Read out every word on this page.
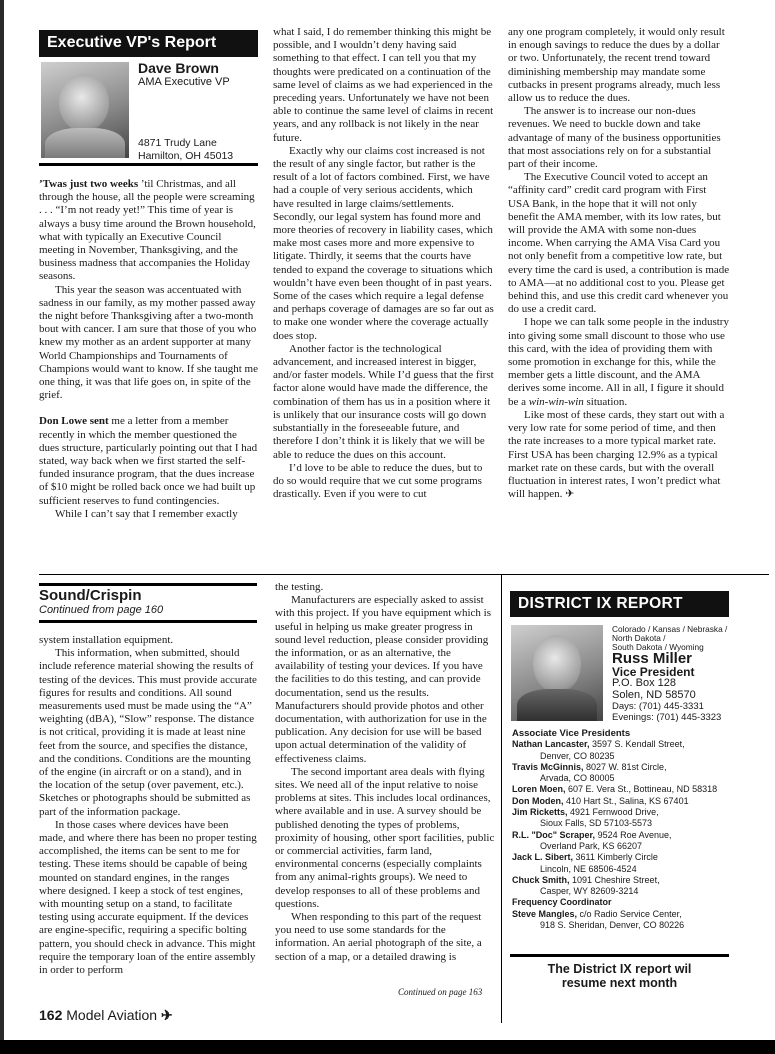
Executive VP's Report
Dave Brown
AMA Executive VP
4871 Trudy Lane
Hamilton, OH 45013

’Twas just two weeks ’til Christmas, and all through the house, all the people were screaming . . . “I’m not ready yet!” This time of year is always a busy time around the Brown household, what with typically an Executive Council meeting in November, Thanksgiving, and the business madness that accompanies the Holiday seasons.

This year the season was accentuated with sadness in our family, as my mother passed away the night before Thanksgiving after a two-month bout with cancer. I am sure that those of you who knew my mother as an ardent supporter at many World Championships and Tournaments of Champions would want to know. If she taught me one thing, it was that life goes on, in spite of the grief.

Don Lowe sent me a letter from a member recently in which the member questioned the dues structure, particularly pointing out that I had stated, way back when we first started the self-funded insurance program, that the dues increase of $10 might be rolled back once we had built up sufficient reserves to fund contingencies.

While I can’t say that I remember exactly

what I said, I do remember thinking this might be possible, and I wouldn’t deny having said something to that effect. I can tell you that my thoughts were predicated on a continuation of the same level of claims as we had experienced in the preceding years. Unfortunately we have not been able to continue the same level of claims in recent years, and any rollback is not likely in the near future.

Exactly why our claims cost increased is not the result of any single factor, but rather is the result of a lot of factors combined. First, we have had a couple of very serious accidents, which have resulted in large claims/settlements. Secondly, our legal system has found more and more theories of recovery in liability cases, which make most cases more and more expensive to litigate. Thirdly, it seems that the courts have tended to expand the coverage to situations which wouldn’t have even been thought of in past years. Some of the cases which require a legal defense and perhaps coverage of damages are so far out as to make one wonder where the coverage actually does stop.

Another factor is the technological advancement, and increased interest in bigger, and/or faster models. While I’d guess that the first factor alone would have made the difference, the combination of them has us in a position where it is unlikely that our insurance costs will go down substantially in the foreseeable future, and therefore I don’t think it is likely that we will be able to reduce the dues on this account.

I’d love to be able to reduce the dues, but to do so would require that we cut some programs drastically. Even if you were to cut

any one program completely, it would only result in enough savings to reduce the dues by a dollar or two. Unfortunately, the recent trend toward diminishing membership may mandate some cutbacks in present programs already, much less allow us to reduce the dues.

The answer is to increase our non-dues revenues. We need to buckle down and take advantage of many of the business opportunities that most associations rely on for a substantial part of their income.

The Executive Council voted to accept an “affinity card” credit card program with First USA Bank, in the hope that it will not only benefit the AMA member, with its low rates, but will provide the AMA with some non-dues income. When carrying the AMA Visa Card you not only benefit from a competitive low rate, but every time the card is used, a contribution is made to AMA—at no additional cost to you. Please get behind this, and use this credit card whenever you do use a credit card.

I hope we can talk some people in the industry into giving some small discount to those who use this card, with the idea of providing them with some promotion in exchange for this, while the member gets a little discount, and the AMA derives some income. All in all, I figure it should be a win-win-win situation.

Like most of these cards, they start out with a very low rate for some period of time, and then the rate increases to a more typical market rate. First USA has been charging 12.9% as a typical market rate on these cards, but with the overall fluctuation in interest rates, I won’t predict what will happen. ✈

Sound/Crispin
Continued from page 160

system installation equipment.

This information, when submitted, should include reference material showing the results of testing of the devices. This must provide accurate figures for results and conditions. All sound measurements used must be made using the “A” weighting (dBA), “Slow” response. The distance is not critical, providing it is made at least nine feet from the source, and specifies the distance, and the conditions. Conditions are the mounting of the engine (in aircraft or on a stand), and in the location of the setup (over pavement, etc.). Sketches or photographs should be submitted as part of the information package.

In those cases where devices have been made, and where there has been no proper testing accomplished, the items can be sent to me for testing. These items should be capable of being mounted on standard engines, in the ranges where designed. I keep a stock of test engines, with mounting setup on a stand, to facilitate testing using accurate equipment. If the devices are engine-specific, requiring a specific bolting pattern, you should check in advance. This might require the temporary loan of the entire assembly in order to perform

the testing.

Manufacturers are especially asked to assist with this project. If you have equipment which is useful in helping us make greater progress in sound level reduction, please consider providing the information, or as an alternative, the availability of testing your devices. If you have the facilities to do this testing, and can provide documentation, send us the results. Manufacturers should provide photos and other documentation, with authorization for use in the publication. Any decision for use will be based upon actual determination of the validity of effectiveness claims.

The second important area deals with flying sites. We need all of the input relative to noise problems at sites. This includes local ordinances, where available and in use. A survey should be published denoting the types of problems, proximity of housing, other sport facilities, public or commercial activities, farm land, environmental concerns (especially complaints from any animal-rights groups). We need to develop responses to all of these problems and questions.

When responding to this part of the request you need to use some standards for the information. An aerial photograph of the site, a section of a map, or a detailed drawing is

Continued on page 163
DISTRICT IX REPORT
Colorado / Kansas / Nebraska /
North Dakota /
South Dakota / Wyoming
Russ Miller
Vice President
P.O. Box 128
Solen, ND 58570
Days: (701) 445-3331
Evenings: (701) 445-3323

Associate Vice Presidents

Nathan Lancaster, 3597 S. Kendall Street,

Denver, CO 80235

Travis McGinnis, 8027 W. 81st Circle,

Arvada, CO 80005

Loren Moen, 607 E. Vera St., Bottineau, ND 58318

Don Moden, 410 Hart St., Salina, KS 67401

Jim Ricketts, 4921 Fernwood Drive,

Sioux Falls, SD 57103-5573

R.L. "Doc" Scraper, 9524 Roe Avenue,

Overland Park, KS 66207

Jack L. Sibert, 3611 Kimberly Circle

Lincoln, NE 68506-4524

Chuck Smith, 1091 Cheshire Street,

Casper, WY 82609-3214

Frequency Coordinator

Steve Mangles, c/o Radio Service Center,

918 S. Sheridan, Denver, CO 80226

The District IX report wil
resume next month
162 Model Aviation ✈
